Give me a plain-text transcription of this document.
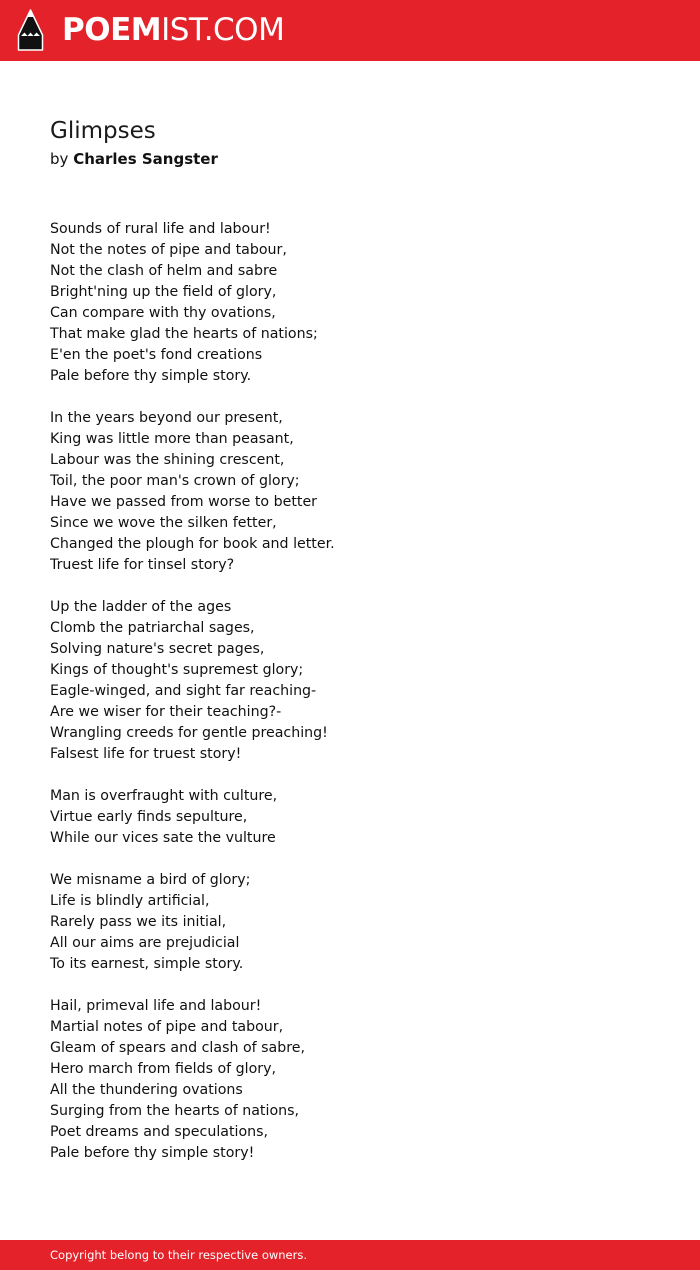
POEMIST.COM
Glimpses
by Charles Sangster
Sounds of rural life and labour!
Not the notes of pipe and tabour,
Not the clash of helm and sabre
Bright'ning up the field of glory,
Can compare with thy ovations,
That make glad the hearts of nations;
E'en the poet's fond creations
Pale before thy simple story.
In the years beyond our present,
King was little more than peasant,
Labour was the shining crescent,
Toil, the poor man's crown of glory;
Have we passed from worse to better
Since we wove the silken fetter,
Changed the plough for book and letter.
Truest life for tinsel story?
Up the ladder of the ages
Clomb the patriarchal sages,
Solving nature's secret pages,
Kings of thought's supremest glory;
Eagle-winged, and sight far reaching-
Are we wiser for their teaching?-
Wrangling creeds for gentle preaching!
Falsest life for truest story!
Man is overfraught with culture,
Virtue early finds sepulture,
While our vices sate the vulture
We misname a bird of glory;
Life is blindly artificial,
Rarely pass we its initial,
All our aims are prejudicial
To its earnest, simple story.
Hail, primeval life and labour!
Martial notes of pipe and tabour,
Gleam of spears and clash of sabre,
Hero march from fields of glory,
All the thundering ovations
Surging from the hearts of nations,
Poet dreams and speculations,
Pale before thy simple story!
Copyright belong to their respective owners.
